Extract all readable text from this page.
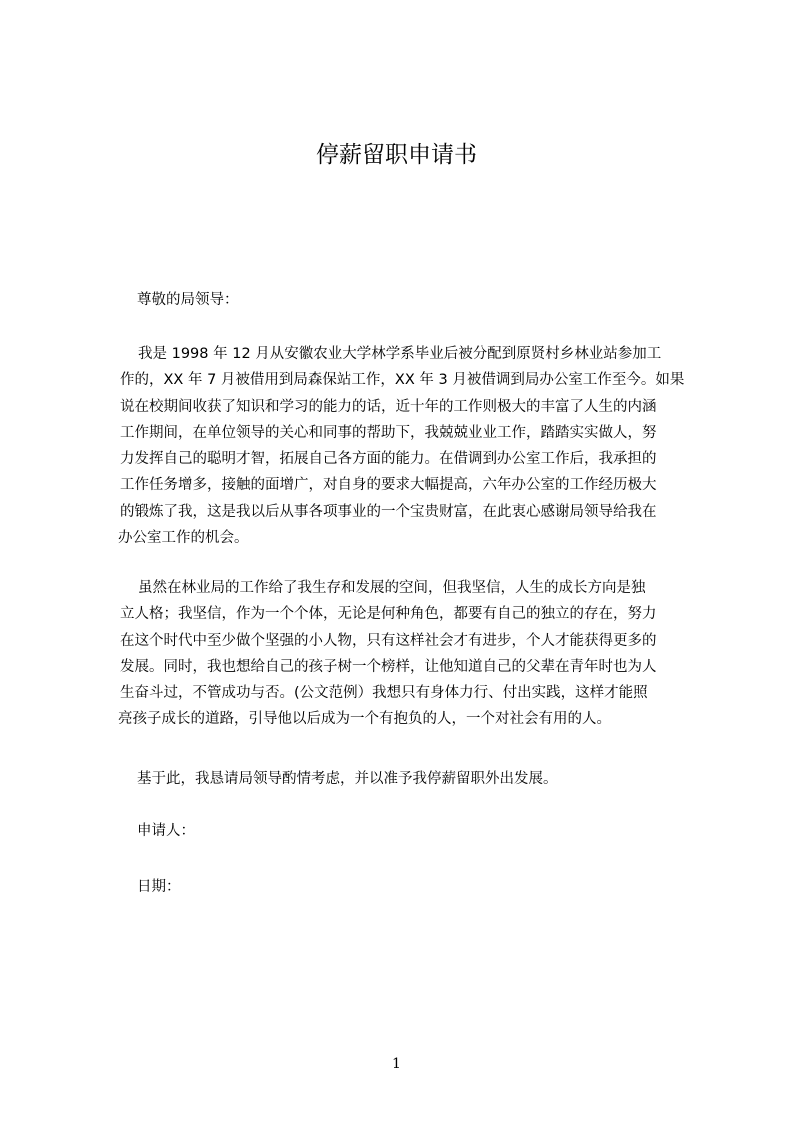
停薪留职申请书

尊敬的局领导：

我是 1998 年 12 月从安徽农业大学林学系毕业后被分配到原贤村乡林业站参加工
作的，XX 年 7 月被借用到局森保站工作，XX 年 3 月被借调到局办公室工作至今。如果
说在校期间收获了知识和学习的能力的话，近十年的工作则极大的丰富了人生的内涵
工作期间，在单位领导的关心和同事的帮助下，我兢兢业业工作，踏踏实实做人，努
力发挥自己的聪明才智，拓展自己各方面的能力。在借调到办公室工作后，我承担的
工作任务增多，接触的面增广，对自身的要求大幅提高，六年办公室的工作经历极大
的锻炼了我，这是我以后从事各项事业的一个宝贵财富，在此衷心感谢局领导给我在
办公室工作的机会。
虽然在林业局的工作给了我生存和发展的空间，但我坚信，人生的成长方向是独
立人格；我坚信，作为一个个体，无论是何种角色，都要有自己的独立的存在，努力
在这个时代中至少做个坚强的小人物，只有这样社会才有进步，个人才能获得更多的
发展。同时，我也想给自己的孩子树一个榜样，让他知道自己的父辈在青年时也为人
生奋斗过，不管成功与否。(公文范例）我想只有身体力行、付出实践，这样才能照
亮孩子成长的道路，引导他以后成为一个有抱负的人，一个对社会有用的人。

基于此，我恳请局领导酌情考虑，并以准予我停薪留职外出发展。

申请人：

日期：

1
